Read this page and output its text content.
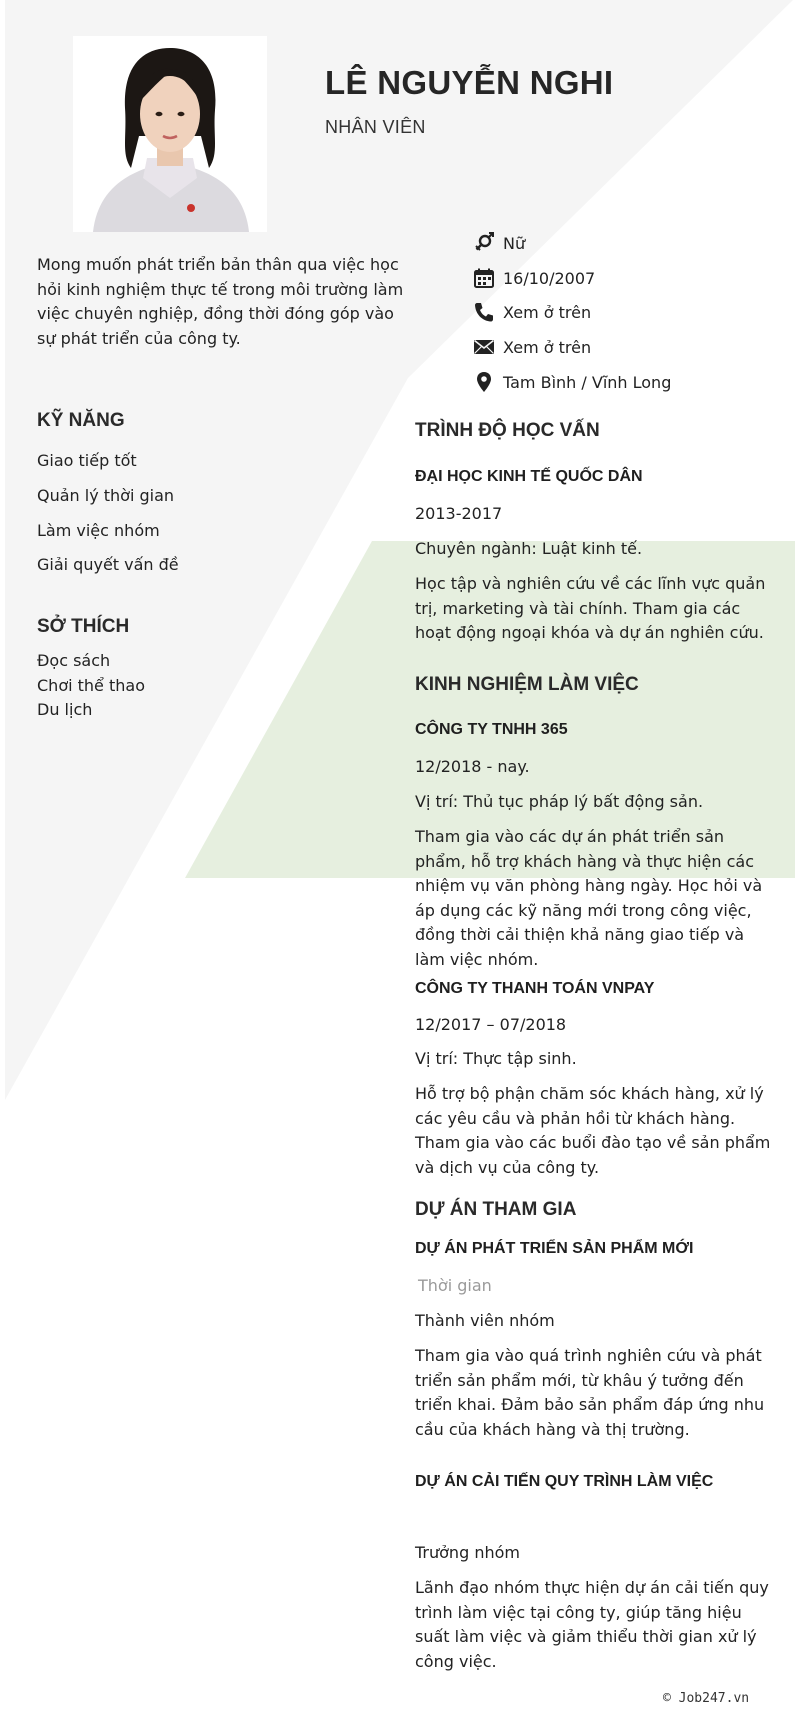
LÊ NGUYỄN NGHI
NHÂN VIÊN
Mong muốn phát triển bản thân qua việc học hỏi kinh nghiệm thực tế trong môi trường làm việc chuyên nghiệp, đồng thời đóng góp vào sự phát triển của công ty.
Nữ
16/10/2007
Xem ở trên
Xem ở trên
Tam Bình / Vĩnh Long
KỸ NĂNG
Giao tiếp tốt
Quản lý thời gian
Làm việc nhóm
Giải quyết vấn đề
SỞ THÍCH
Đọc sách
Chơi thể thao
Du lịch
TRÌNH ĐỘ HỌC VẤN
ĐẠI HỌC KINH TẾ QUỐC DÂN
2013-2017
Chuyên ngành: Luật kinh tế.
Học tập và nghiên cứu về các lĩnh vực quản trị, marketing và tài chính. Tham gia các hoạt động ngoại khóa và dự án nghiên cứu.
KINH NGHIỆM LÀM VIỆC
CÔNG TY TNHH 365
12/2018 - nay.
Vị trí: Thủ tục pháp lý bất động sản.
Tham gia vào các dự án phát triển sản phẩm, hỗ trợ khách hàng và thực hiện các nhiệm vụ văn phòng hàng ngày. Học hỏi và áp dụng các kỹ năng mới trong công việc, đồng thời cải thiện khả năng giao tiếp và làm việc nhóm.
CÔNG TY THANH TOÁN VNPAY
12/2017 – 07/2018
Vị trí: Thực tập sinh.
Hỗ trợ bộ phận chăm sóc khách hàng, xử lý các yêu cầu và phản hồi từ khách hàng. Tham gia vào các buổi đào tạo về sản phẩm và dịch vụ của công ty.
DỰ ÁN THAM GIA
DỰ ÁN PHÁT TRIỂN SẢN PHẨM MỚI
Thời gian
Thành viên nhóm
Tham gia vào quá trình nghiên cứu và phát triển sản phẩm mới, từ khâu ý tưởng đến triển khai. Đảm bảo sản phẩm đáp ứng nhu cầu của khách hàng và thị trường.
DỰ ÁN CẢI TIẾN QUY TRÌNH LÀM VIỆC
Trưởng nhóm
Lãnh đạo nhóm thực hiện dự án cải tiến quy trình làm việc tại công ty, giúp tăng hiệu suất làm việc và giảm thiểu thời gian xử lý công việc.
© Job247.vn
